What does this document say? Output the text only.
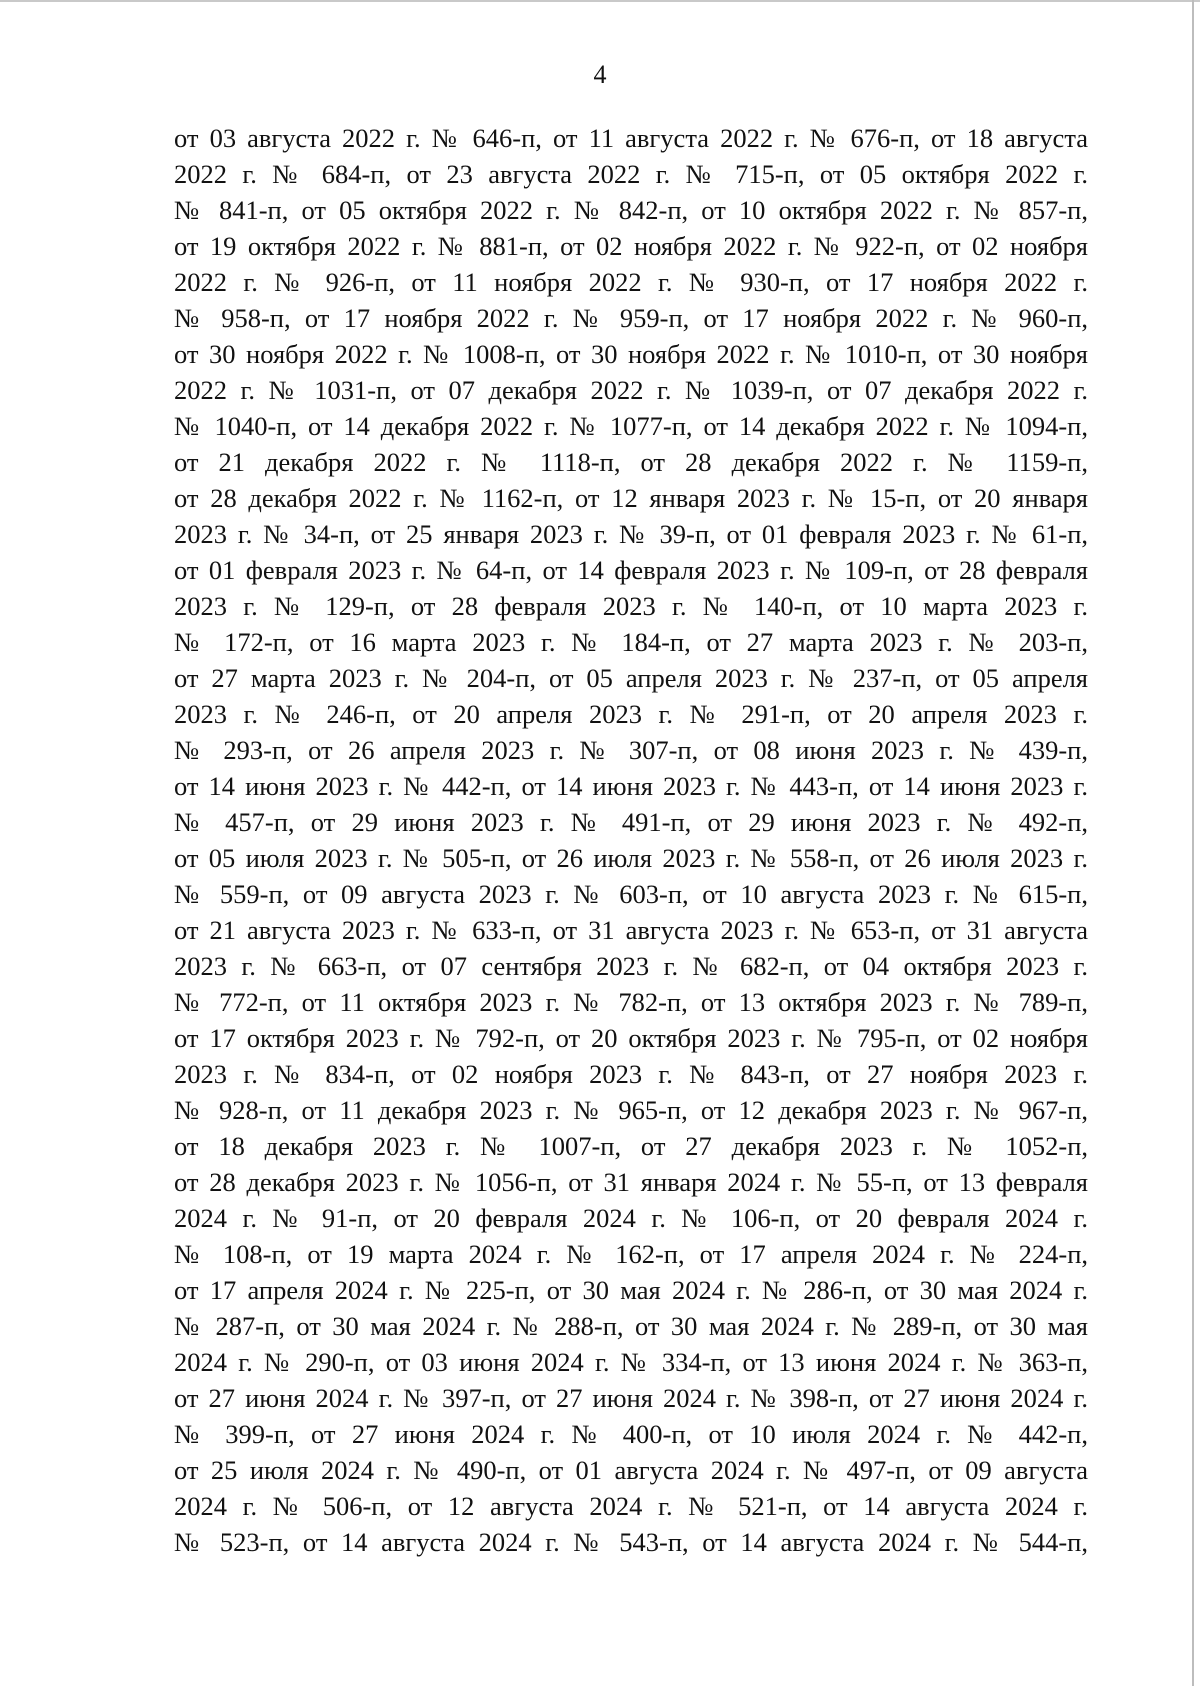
4
от 03 августа 2022 г. № 646-п, от 11 августа 2022 г. № 676-п, от 18 августа
2022 г. № 684-п, от 23 августа 2022 г. № 715-п, от 05 октября 2022 г.
№ 841-п, от 05 октября 2022 г. № 842-п, от 10 октября 2022 г. № 857-п,
от 19 октября 2022 г. № 881-п, от 02 ноября 2022 г. № 922-п, от 02 ноября
2022 г. № 926-п, от 11 ноября 2022 г. № 930-п, от 17 ноября 2022 г.
№ 958-п, от 17 ноября 2022 г. № 959-п, от 17 ноября 2022 г. № 960-п,
от 30 ноября 2022 г. № 1008-п, от 30 ноября 2022 г. № 1010-п, от 30 ноября
2022 г. № 1031-п, от 07 декабря 2022 г. № 1039-п, от 07 декабря 2022 г.
№ 1040-п, от 14 декабря 2022 г. № 1077-п, от 14 декабря 2022 г. № 1094-п,
от 21 декабря 2022 г. № 1118-п, от 28 декабря 2022 г. № 1159-п,
от 28 декабря 2022 г. № 1162-п, от 12 января 2023 г. № 15-п, от 20 января
2023 г. № 34-п, от 25 января 2023 г. № 39-п, от 01 февраля 2023 г. № 61-п,
от 01 февраля 2023 г. № 64-п, от 14 февраля 2023 г. № 109-п, от 28 февраля
2023 г. № 129-п, от 28 февраля 2023 г. № 140-п, от 10 марта 2023 г.
№ 172-п, от 16 марта 2023 г. № 184-п, от 27 марта 2023 г. № 203-п,
от 27 марта 2023 г. № 204-п, от 05 апреля 2023 г. № 237-п, от 05 апреля
2023 г. № 246-п, от 20 апреля 2023 г. № 291-п, от 20 апреля 2023 г.
№ 293-п, от 26 апреля 2023 г. № 307-п, от 08 июня 2023 г. № 439-п,
от 14 июня 2023 г. № 442-п, от 14 июня 2023 г. № 443-п, от 14 июня 2023 г.
№ 457-п, от 29 июня 2023 г. № 491-п, от 29 июня 2023 г. № 492-п,
от 05 июля 2023 г. № 505-п, от 26 июля 2023 г. № 558-п, от 26 июля 2023 г.
№ 559-п, от 09 августа 2023 г. № 603-п, от 10 августа 2023 г. № 615-п,
от 21 августа 2023 г. № 633-п, от 31 августа 2023 г. № 653-п, от 31 августа
2023 г. № 663-п, от 07 сентября 2023 г. № 682-п, от 04 октября 2023 г.
№ 772-п, от 11 октября 2023 г. № 782-п, от 13 октября 2023 г. № 789-п,
от 17 октября 2023 г. № 792-п, от 20 октября 2023 г. № 795-п, от 02 ноября
2023 г. № 834-п, от 02 ноября 2023 г. № 843-п, от 27 ноября 2023 г.
№ 928-п, от 11 декабря 2023 г. № 965-п, от 12 декабря 2023 г. № 967-п,
от 18 декабря 2023 г. № 1007-п, от 27 декабря 2023 г. № 1052-п,
от 28 декабря 2023 г. № 1056-п, от 31 января 2024 г. № 55-п, от 13 февраля
2024 г. № 91-п, от 20 февраля 2024 г. № 106-п, от 20 февраля 2024 г.
№ 108-п, от 19 марта 2024 г. № 162-п, от 17 апреля 2024 г. № 224-п,
от 17 апреля 2024 г. № 225-п, от 30 мая 2024 г. № 286-п, от 30 мая 2024 г.
№ 287-п, от 30 мая 2024 г. № 288-п, от 30 мая 2024 г. № 289-п, от 30 мая
2024 г. № 290-п, от 03 июня 2024 г. № 334-п, от 13 июня 2024 г. № 363-п,
от 27 июня 2024 г. № 397-п, от 27 июня 2024 г. № 398-п, от 27 июня 2024 г.
№ 399-п, от 27 июня 2024 г. № 400-п, от 10 июля 2024 г. № 442-п,
от 25 июля 2024 г. № 490-п, от 01 августа 2024 г. № 497-п, от 09 августа
2024 г. № 506-п, от 12 августа 2024 г. № 521-п, от 14 августа 2024 г.
№ 523-п, от 14 августа 2024 г. № 543-п, от 14 августа 2024 г. № 544-п,
